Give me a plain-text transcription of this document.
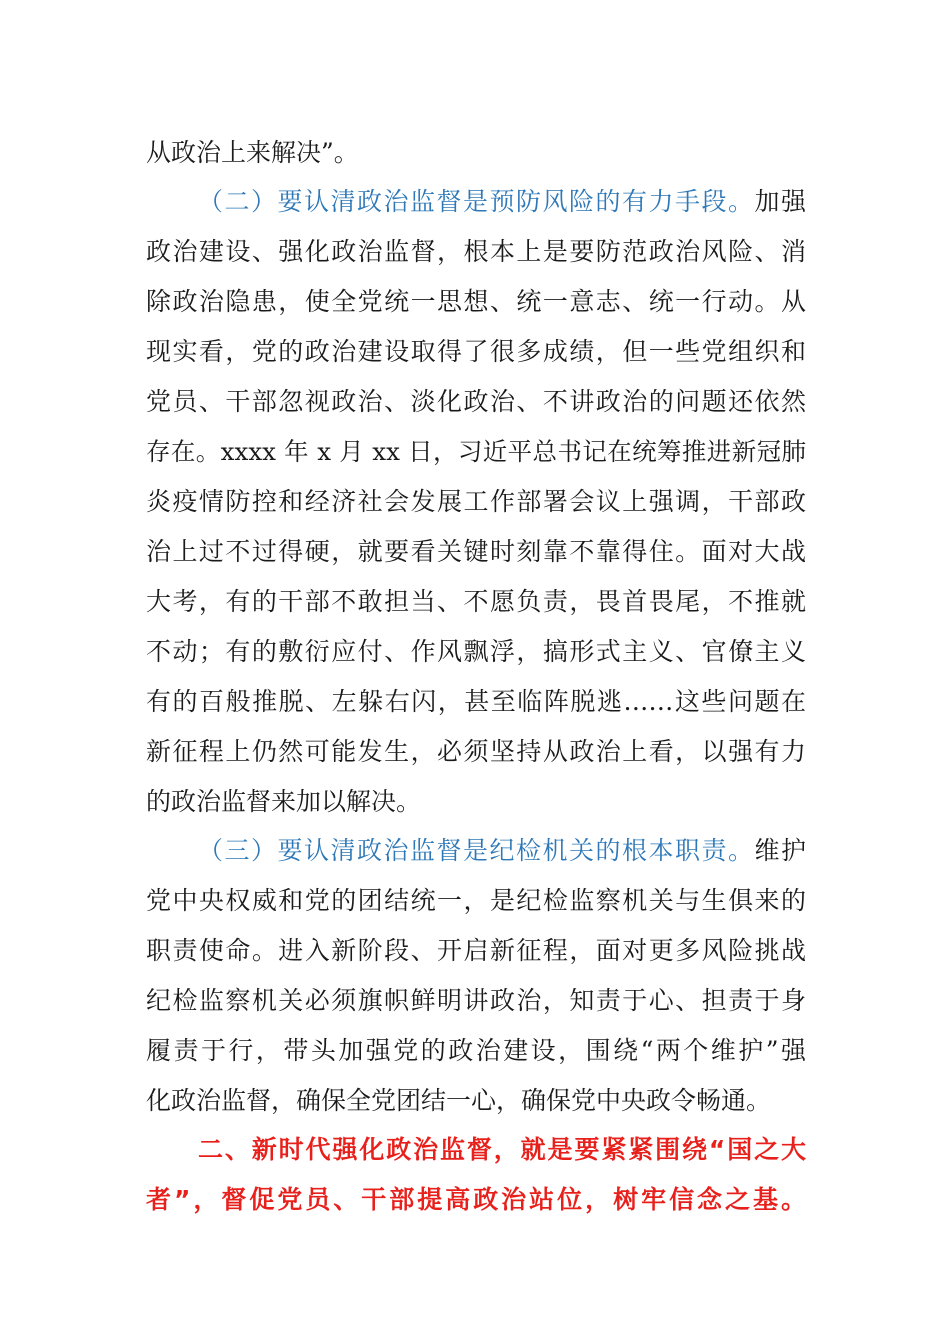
从政治上来解决”。
（二）要认清政治监督是预防风险的有力手段。加强
政治建设、强化政治监督，根本上是要防范政治风险、消
除政治隐患，使全党统一思想、统一意志、统一行动。从
现实看，党的政治建设取得了很多成绩，但一些党组织和
党员、干部忽视政治、淡化政治、不讲政治的问题还依然
存在。xxxx 年 x 月 xx 日，习近平总书记在统筹推进新冠肺
炎疫情防控和经济社会发展工作部署会议上强调，干部政
治上过不过得硬，就要看关键时刻靠不靠得住。面对大战
大考，有的干部不敢担当、不愿负责，畏首畏尾，不推就
不动；有的敷衍应付、作风飘浮，搞形式主义、官僚主义
有的百般推脱、左躲右闪，甚至临阵脱逃……这些问题在
新征程上仍然可能发生，必须坚持从政治上看，以强有力
的政治监督来加以解决。
（三）要认清政治监督是纪检机关的根本职责。维护
党中央权威和党的团结统一，是纪检监察机关与生俱来的
职责使命。进入新阶段、开启新征程，面对更多风险挑战
纪检监察机关必须旗帜鲜明讲政治，知责于心、担责于身
履责于行，带头加强党的政治建设，围绕“两个维护”强
化政治监督，确保全党团结一心，确保党中央政令畅通。
二、新时代强化政治监督，就是要紧紧围绕“国之大
者”，督促党员、干部提高政治站位，树牢信念之基。
